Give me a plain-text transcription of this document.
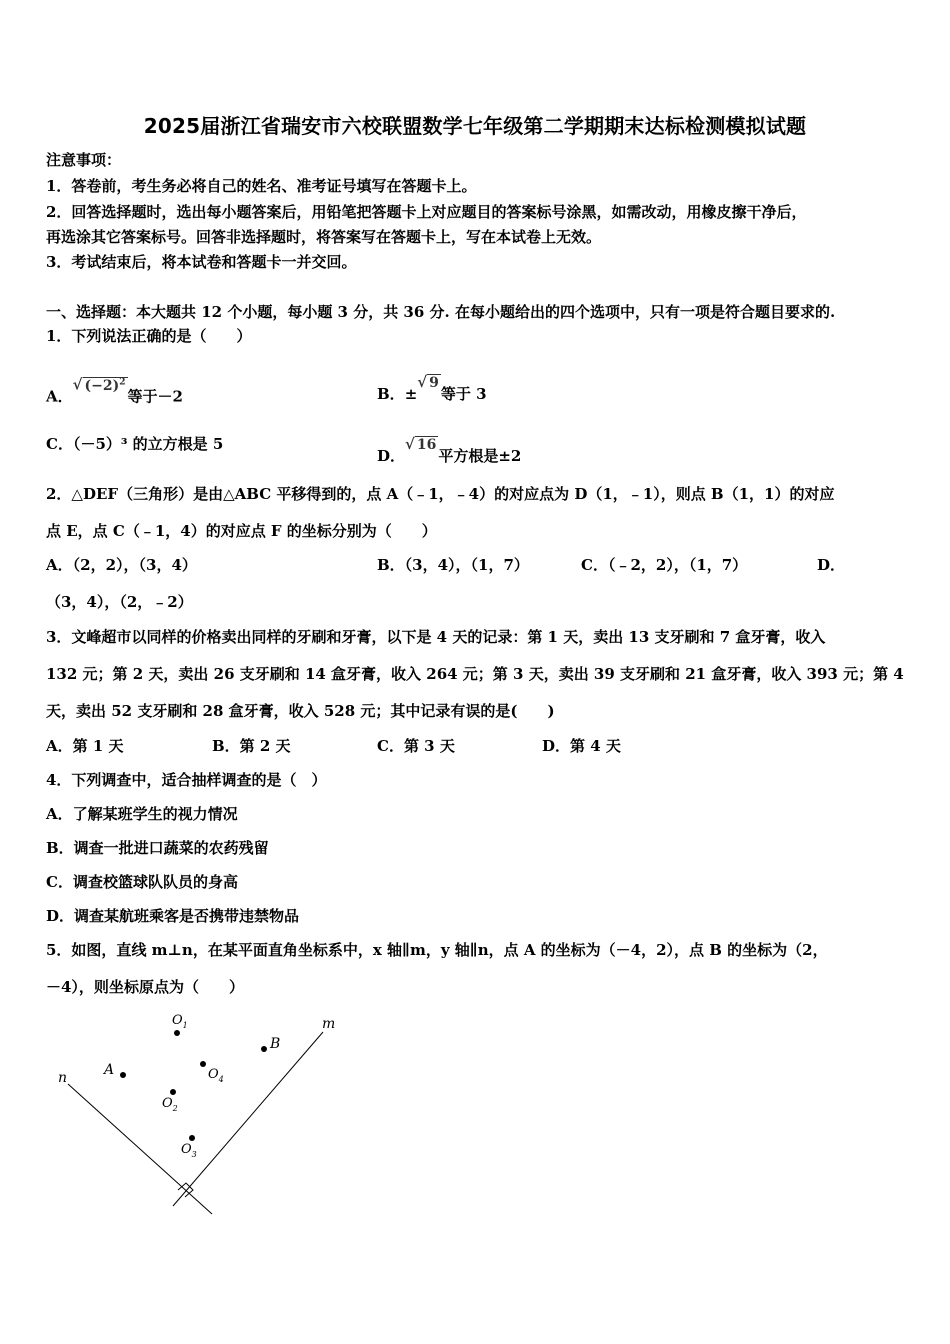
2025届浙江省瑞安市六校联盟数学七年级第二学期期末达标检测模拟试题
注意事项：
1．答卷前，考生务必将自己的姓名、准考证号填写在答题卡上。
2．回答选择题时，选出每小题答案后，用铅笔把答题卡上对应题目的答案标号涂黑，如需改动，用橡皮擦干净后，
再选涂其它答案标号。回答非选择题时，将答案写在答题卡上，写在本试卷上无效。
3．考试结束后，将本试卷和答题卡一并交回。
一、选择题：本大题共 12 个小题，每小题 3 分，共 36 分. 在每小题给出的四个选项中，只有一项是符合题目要求的.
1．下列说法正确的是（　　）
A．√ $(-2)^2$等于－2	B．±√ 9等于 3
C．（－5）³ 的立方根是 5
D．√ 16平方根是±2
2．△DEF（三角形）是由△ABC 平移得到的，点 A（﹣1，﹣4）的对应点为 D（1，﹣1），则点 B（1，1）的对应
点 E，点 C（﹣1，4）的对应点 F 的坐标分别为（　　）
A．（2，2），（3，4）	B．（3，4），（1，7）	C．（﹣2，2），（1，7）	D．
（3，4），（2，﹣2）
3．文峰超市以同样的价格卖出同样的牙刷和牙膏，以下是 4 天的记录：第 1 天，卖出 13 支牙刷和 7 盒牙膏，收入
132 元；第 2 天，卖出 26 支牙刷和 14 盒牙膏，收入 264 元；第 3 天，卖出 39 支牙刷和 21 盒牙膏，收入 393 元；第 4
天，卖出 52 支牙刷和 28 盒牙膏，收入 528 元；其中记录有误的是(　　)
A．第 1 天	B．第 2 天	C．第 3 天	D．第 4 天
4．下列调查中，适合抽样调查的是（　）
A．了解某班学生的视力情况
B．调查一批进口蔬菜的农药残留
C．调查校篮球队队员的身高
D．调查某航班乘客是否携带违禁物品
5．如图，直线 m⊥n，在某平面直角坐标系中，x 轴∥m，y 轴∥n，点 A 的坐标为（－4，2），点 B 的坐标为（2，
－4），则坐标原点为（　　）
m
n	A
B
$O_1$
$O_4$
$O_2$
$O_3$
